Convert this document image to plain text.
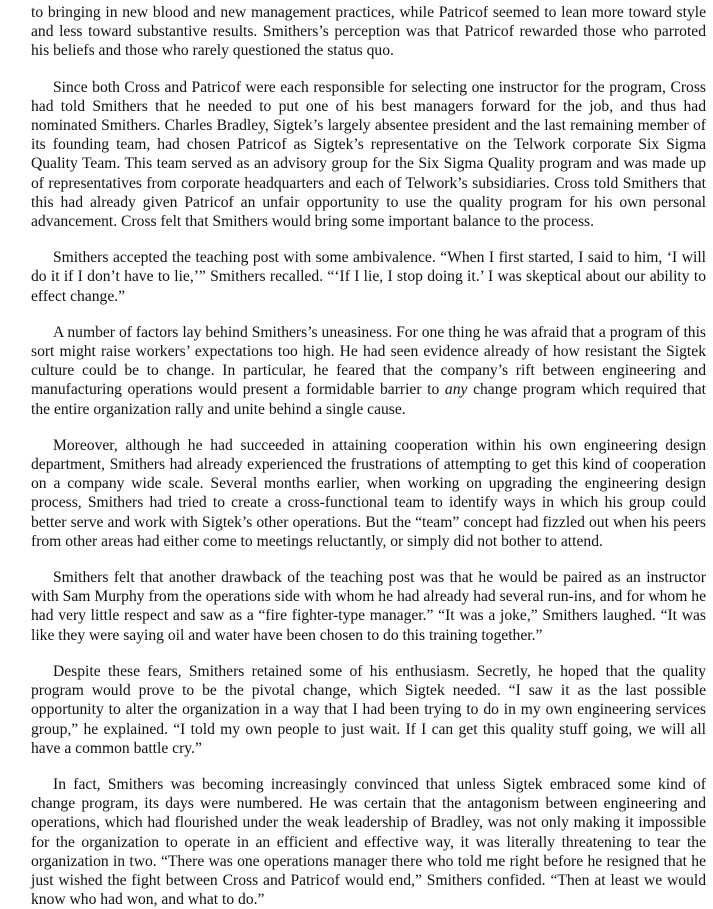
to bringing in new blood and new management practices, while Patricof seemed to lean more toward style and less toward substantive results. Smithers’s perception was that Patricof rewarded those who parroted his beliefs and those who rarely questioned the status quo.

Since both Cross and Patricof were each responsible for selecting one instructor for the program, Cross had told Smithers that he needed to put one of his best managers forward for the job, and thus had nominated Smithers. Charles Bradley, Sigtek’s largely absentee president and the last remaining member of its founding team, had chosen Patricof as Sigtek’s representative on the Telwork corporate Six Sigma Quality Team. This team served as an advisory group for the Six Sigma Quality program and was made up of representatives from corporate headquarters and each of Telwork’s subsidiaries. Cross told Smithers that this had already given Patricof an unfair opportunity to use the quality program for his own personal advancement. Cross felt that Smithers would bring some important balance to the process.

Smithers accepted the teaching post with some ambivalence. “When I first started, I said to him, ‘I will do it if I don’t have to lie,’” Smithers recalled. “‘If I lie, I stop doing it.’ I was skeptical about our ability to effect change.”

A number of factors lay behind Smithers’s uneasiness. For one thing he was afraid that a program of this sort might raise workers’ expectations too high. He had seen evidence already of how resistant the Sigtek culture could be to change. In particular, he feared that the company’s rift between engineering and manufacturing operations would present a formidable barrier to any change program which required that the entire organization rally and unite behind a single cause.

Moreover, although he had succeeded in attaining cooperation within his own engineering design department, Smithers had already experienced the frustrations of attempting to get this kind of cooperation on a company wide scale. Several months earlier, when working on upgrading the engineering design process, Smithers had tried to create a cross-functional team to identify ways in which his group could better serve and work with Sigtek’s other operations. But the “team” concept had fizzled out when his peers from other areas had either come to meetings reluctantly, or simply did not bother to attend.

Smithers felt that another drawback of the teaching post was that he would be paired as an instructor with Sam Murphy from the operations side with whom he had already had several run-ins, and for whom he had very little respect and saw as a “fire fighter-type manager.” “It was a joke,” Smithers laughed. “It was like they were saying oil and water have been chosen to do this training together.”

Despite these fears, Smithers retained some of his enthusiasm. Secretly, he hoped that the quality program would prove to be the pivotal change, which Sigtek needed. “I saw it as the last possible opportunity to alter the organization in a way that I had been trying to do in my own engineering services group,” he explained. “I told my own people to just wait. If I can get this quality stuff going, we will all have a common battle cry.”

In fact, Smithers was becoming increasingly convinced that unless Sigtek embraced some kind of change program, its days were numbered. He was certain that the antagonism between engineering and operations, which had flourished under the weak leadership of Bradley, was not only making it impossible for the organization to operate in an efficient and effective way, it was literally threatening to tear the organization in two. “There was one operations manager there who told me right before he resigned that he just wished the fight between Cross and Patricof would end,” Smithers confided. “Then at least we would know who had won, and what to do.”
